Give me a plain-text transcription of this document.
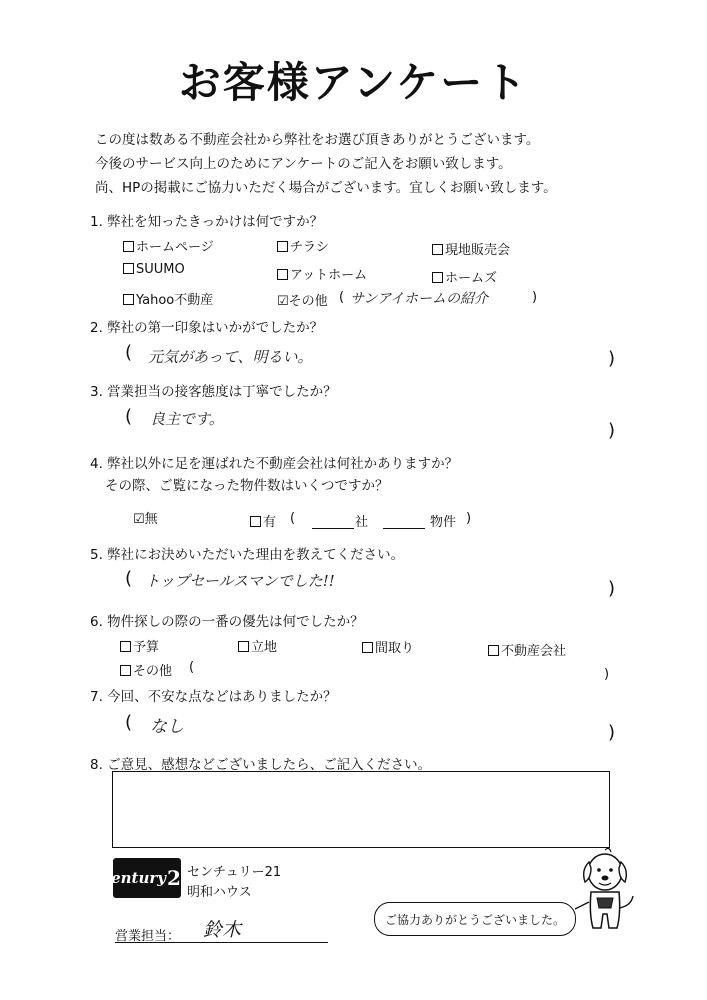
お客様アンケート
この度は数ある不動産会社から弊社をお選び頂きありがとうございます。
今後のサービス向上のためにアンケートのご記入をお願い致します。
尚、HPの掲載にご協力いただく場合がございます。宜しくお願い致します。
1. 弊社を知ったきっかけは何ですか？
ホームページ	チラシ	現地販売会
SUUMO	アットホーム	ホームズ
Yahoo不動産	☑その他 ( サンアイホームの紹介	)
2. 弊社の第一印象はいかがでしたか？
( 元気があって、明るい。	)
3. 営業担当の接客態度は丁寧でしたか？
( 良主です。
)
4. 弊社以外に足を運ばれた不動産会社は何社かありますか？
その際、ご覧になった物件数はいくつですか？
☑無	有 (	社	物件 )
5. 弊社にお決めいただいた理由を教えてください。
( トップセールスマンでした!!	)
6. 物件探しの際の一番の優先は何でしたか？
予算	立地	間取り	不動産会社
その他 (	)
7. 今回、不安な点などはありましたか？
( なし	)
8. ご意見、感想などございましたら、ご記入ください。
Century 21
センチュリー21
明和ハウス
営業担当： 鈴木	ご協力ありがとうございました。
